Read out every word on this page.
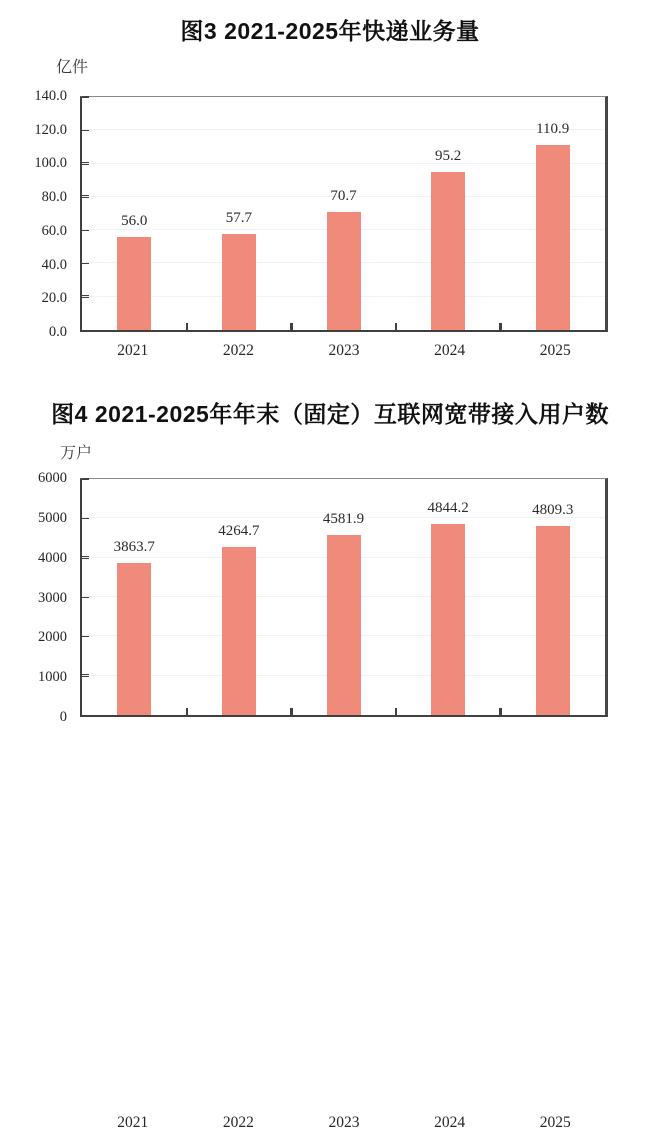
图3 2021-2025年快递业务量
亿件
0.0
20.0
40.0
60.0
80.0
100.0
120.0
140.0
56.0	57.7
70.7
95.2
110.9
2021	2022	2023	2024	2025
图4 2021-2025年年末（固定）互联网宽带接入用户数
万户
0
1000
2000
3000
4000
5000
6000
3863.7
4264.7
4581.9
4844.2	4809.3
2021	2022	2023	2024	2025
